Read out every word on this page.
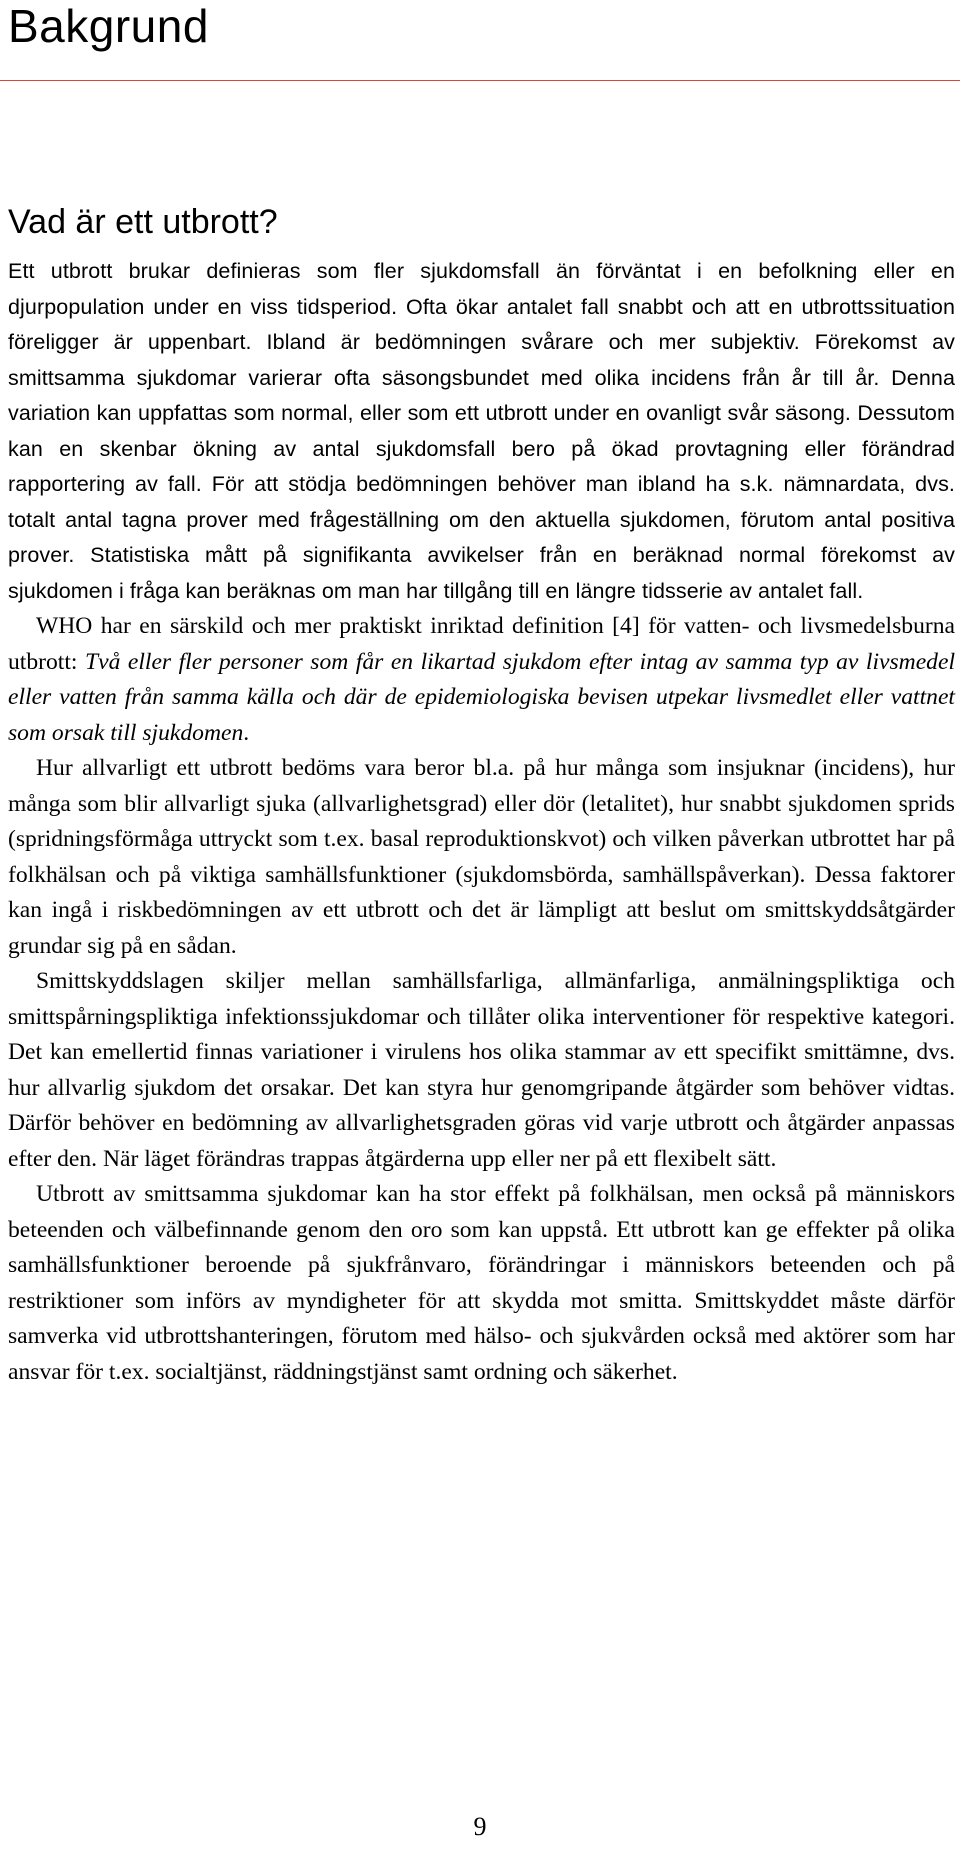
Bakgrund
Vad är ett utbrott?

Ett utbrott brukar definieras som fler sjukdomsfall än förväntat i en befolkning eller en djurpopulation under en viss tidsperiod. Ofta ökar antalet fall snabbt och att en utbrottssituation föreligger är uppenbart. Ibland är bedömningen svårare och mer subjektiv. Förekomst av smittsamma sjukdomar varierar ofta säsongsbundet med olika incidens från år till år. Denna variation kan uppfattas som normal, eller som ett utbrott under en ovanligt svår säsong. Dessutom kan en skenbar ökning av antal sjukdomsfall bero på ökad provtagning eller förändrad rapportering av fall. För att stödja bedömningen behöver man ibland ha s.k. nämnardata, dvs. totalt antal tagna prover med frågeställning om den aktuella sjukdomen, förutom antal positiva prover. Statistiska mått på signifikanta avvikelser från en beräknad normal förekomst av sjukdomen i fråga kan beräknas om man har tillgång till en längre tidsserie av antalet fall.

WHO har en särskild och mer praktiskt inriktad definition [4] för vatten- och livsmedelsburna utbrott: Två eller fler personer som får en likartad sjukdom efter intag av samma typ av livsmedel eller vatten från samma källa och där de epidemiologiska bevisen utpekar livsmedlet eller vattnet som orsak till sjukdomen.

Hur allvarligt ett utbrott bedöms vara beror bl.a. på hur många som insjuknar (incidens), hur många som blir allvarligt sjuka (allvarlighetsgrad) eller dör (letalitet), hur snabbt sjukdomen sprids (spridningsförmåga uttryckt som t.ex. basal reproduktionskvot) och vilken påverkan utbrottet har på folkhälsan och på viktiga samhällsfunktioner (sjukdomsbörda, samhällspåverkan). Dessa faktorer kan ingå i riskbedömningen av ett utbrott och det är lämpligt att beslut om smittskyddsåtgärder grundar sig på en sådan.

Smittskyddslagen skiljer mellan samhällsfarliga, allmänfarliga, anmälningspliktiga och smittspårningspliktiga infektionssjukdomar och tillåter olika interventioner för respektive kategori. Det kan emellertid finnas variationer i virulens hos olika stammar av ett specifikt smittämne, dvs. hur allvarlig sjukdom det orsakar. Det kan styra hur genomgripande åtgärder som behöver vidtas. Därför behöver en bedömning av allvarlighetsgraden göras vid varje utbrott och åtgärder anpassas efter den. När läget förändras trappas åtgärderna upp eller ner på ett flexibelt sätt.

Utbrott av smittsamma sjukdomar kan ha stor effekt på folkhälsan, men också på människors beteenden och välbefinnande genom den oro som kan uppstå. Ett utbrott kan ge effekter på olika samhällsfunktioner beroende på sjukfrånvaro, förändringar i människors beteenden och på restriktioner som införs av myndigheter för att skydda mot smitta. Smittskyddet måste därför samverka vid utbrottshanteringen, förutom med hälso- och sjukvården också med aktörer som har ansvar för t.ex. socialtjänst, räddningstjänst samt ordning och säkerhet.

9
